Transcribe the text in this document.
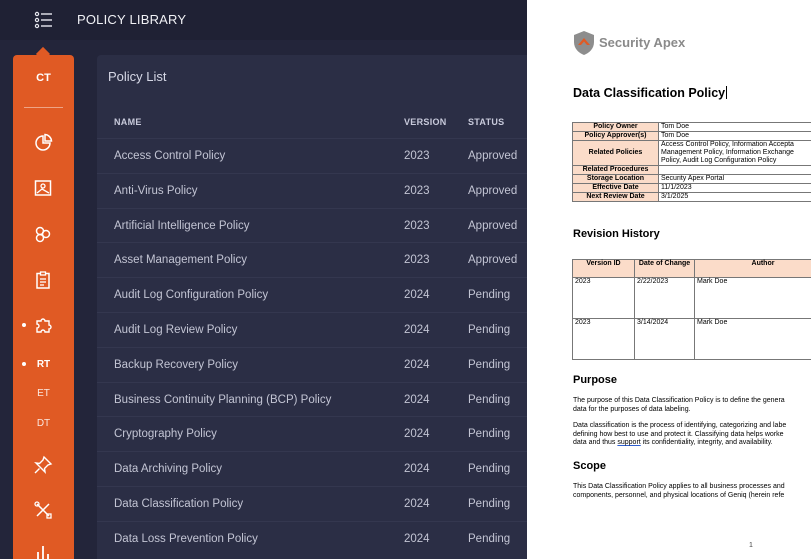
POLICY LIBRARY
CT
RT
ET
DT
Policy List
NAME	VERSION STATUS
Access Control Policy	2023	Approved
Anti-Virus Policy	2023	Approved
Artificial Intelligence Policy	2023	Approved
Asset Management Policy	2023	Approved
Audit Log Configuration Policy	2024	Pending
Audit Log Review Policy	2024	Pending
Backup Recovery Policy	2024	Pending
Business Continuity Planning (BCP) Policy	2024	Pending
Cryptography Policy	2024	Pending
Data Archiving Policy	2024	Pending
Data Classification Policy	2024	Pending
Data Loss Prevention Policy	2024	Pending
Security Apex
Data Classification Policy
Policy Owner	Tom Doe
Policy Approver(s)	Tom Doe
Related Policies	Access Control Policy, Information Accepta
Management Policy, Information Exchange
Policy, Audit Log Configuration Policy

Related Procedures	
Storage Location	Security Apex Portal
Effective Date	11/1/2023
Next Review Date	3/1/2025
Revision History
Version ID	Date of Change	Author
2023	2/22/2023	Mark Doe
2023	3/14/2024	Mark Doe
Purpose
The purpose of this Data Classification Policy is to define the genera
data for the purposes of data labeling.
Data classification is the process of identifying, categorizing and labe
defining how best to use and protect it. Classifying data helps worke
data and thus support its confidentiality, integrity, and availability.
Scope
This Data Classification Policy applies to all business processes and
components, personnel, and physical locations of Geniq (herein refe
1
